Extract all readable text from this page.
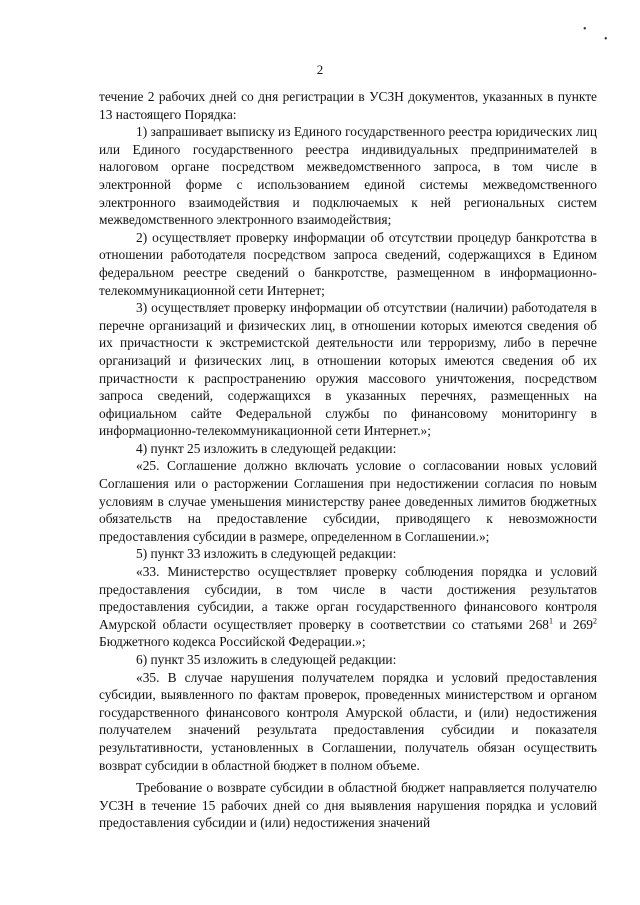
•
•
2

течение 2 рабочих дней со дня регистрации в УСЗН документов, указанных в пункте 13 настоящего Порядка:

1) запрашивает выписку из Единого государственного реестра юридических лиц или Единого государственного реестра индивидуальных предпринимателей в налоговом органе посредством межведомственного запроса, в том числе в электронной форме с использованием единой системы межведомственного электронного взаимодействия и подключаемых к ней региональных систем межведомственного электронного взаимодействия;

2) осуществляет проверку информации об отсутствии процедур банкротства в отношении работодателя посредством запроса сведений, содержащихся в Едином федеральном реестре сведений о банкротстве, размещенном в информационно-телекоммуникационной сети Интернет;

3) осуществляет проверку информации об отсутствии (наличии) работодателя в перечне организаций и физических лиц, в отношении которых имеются сведения об их причастности к экстремистской деятельности или терроризму, либо в перечне организаций и физических лиц, в отношении которых имеются сведения об их причастности к распространению оружия массового уничтожения, посредством запроса сведений, содержащихся в указанных перечнях, размещенных на официальном сайте Федеральной службы по финансовому мониторингу в информационно-телекоммуникационной сети Интернет.»;

4) пункт 25 изложить в следующей редакции:

«25. Соглашение должно включать условие о согласовании новых условий Соглашения или о расторжении Соглашения при недостижении согласия по новым условиям в случае уменьшения министерству ранее доведенных лимитов бюджетных обязательств на предоставление субсидии, приводящего к невозможности предоставления субсидии в размере, определенном в Соглашении.»;

5) пункт 33 изложить в следующей редакции:

«33. Министерство осуществляет проверку соблюдения порядка и условий предоставления субсидии, в том числе в части достижения результатов предоставления субсидии, а также орган государственного финансового контроля Амурской области осуществляет проверку в соответствии со статьями $268^1$ и $269^2$ Бюджетного кодекса Российской Федерации.»;

6) пункт 35 изложить в следующей редакции:

«35. В случае нарушения получателем порядка и условий предоставления субсидии, выявленного по фактам проверок, проведенных министерством и органом государственного финансового контроля Амурской области, и (или) недостижения получателем значений результата предоставления субсидии и показателя результативности, установленных в Соглашении, получатель обязан осуществить возврат субсидии в областной бюджет в полном объеме.

Требование о возврате субсидии в областной бюджет направляется получателю УСЗН в течение 15 рабочих дней со дня выявления нарушения порядка и условий предоставления субсидии и (или) недостижения значений
